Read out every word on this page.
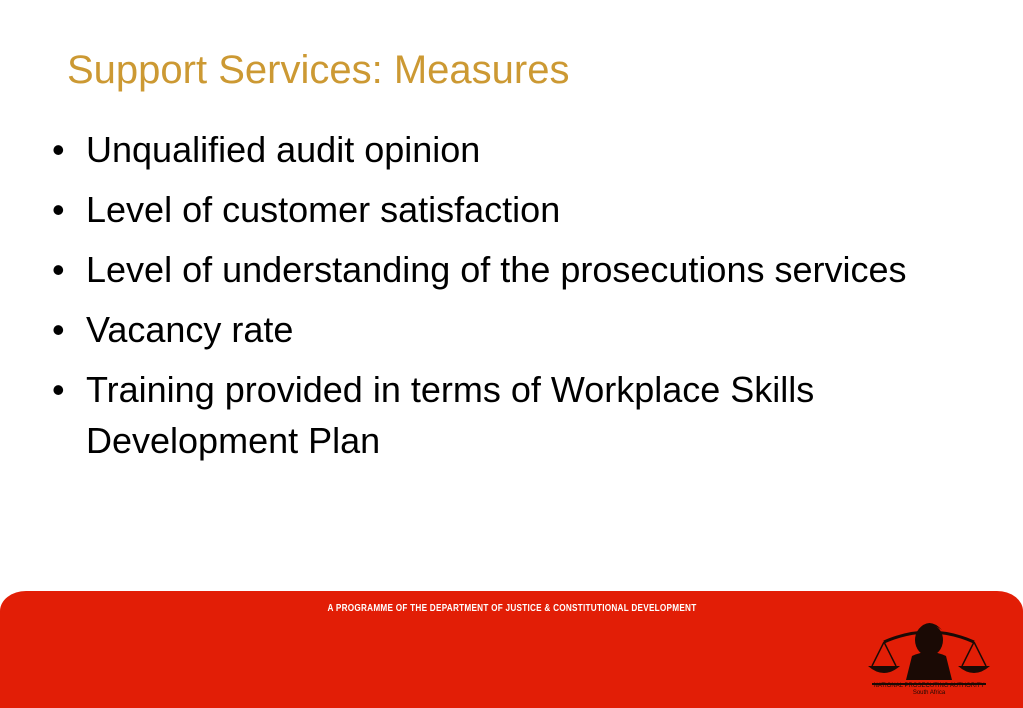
Support Services: Measures
• Unqualified audit opinion
• Level of customer satisfaction
• Level of understanding of the prosecutions services
• Vacancy rate
• Training provided in terms of Workplace Skills Development Plan
A PROGRAMME OF THE DEPARTMENT OF JUSTICE & CONSTITUTIONAL DEVELOPMENT
NATIONAL PROSECUTING AUTHORITY
South Africa
